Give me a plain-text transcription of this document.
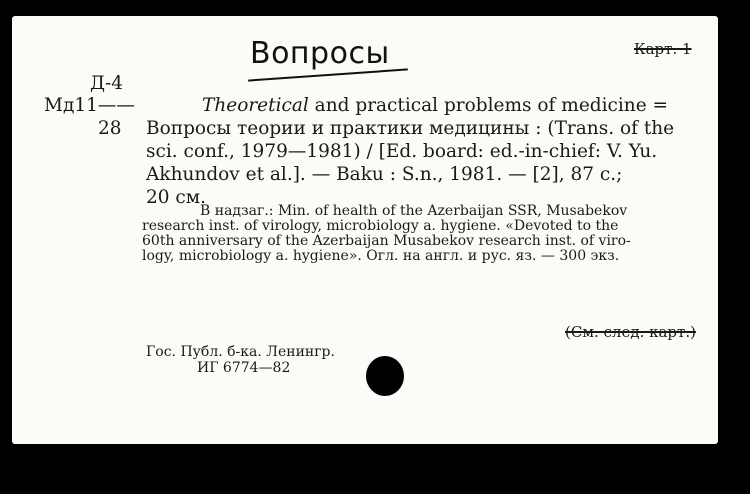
Вопросы	Карт. 1
Д-4
Мд11——
28
Theoretical and practical problems of medicine =
Вопросы теории и практики медицины : (Trans. of the
sci. conf., 1979—1981) / [Ed. board: ed.-in-chief: V. Yu.
Akhundov et al.]. — Baku : S.n., 1981. — [2], 87 c.;
20 см.
В надзаг.: Min. of health of the Azerbaijan SSR, Musabekov
research inst. of virology, microbiology a. hygiene. «Devoted to the
60th anniversary of the Azerbaijan Musabekov research inst. of viro-
logy, microbiology a. hygiene». Огл. на англ. и рус. яз. — 300 экз.
(См. след. карт.)
Гос. Публ. б-ка. Ленингр.
ИГ 6774—82
